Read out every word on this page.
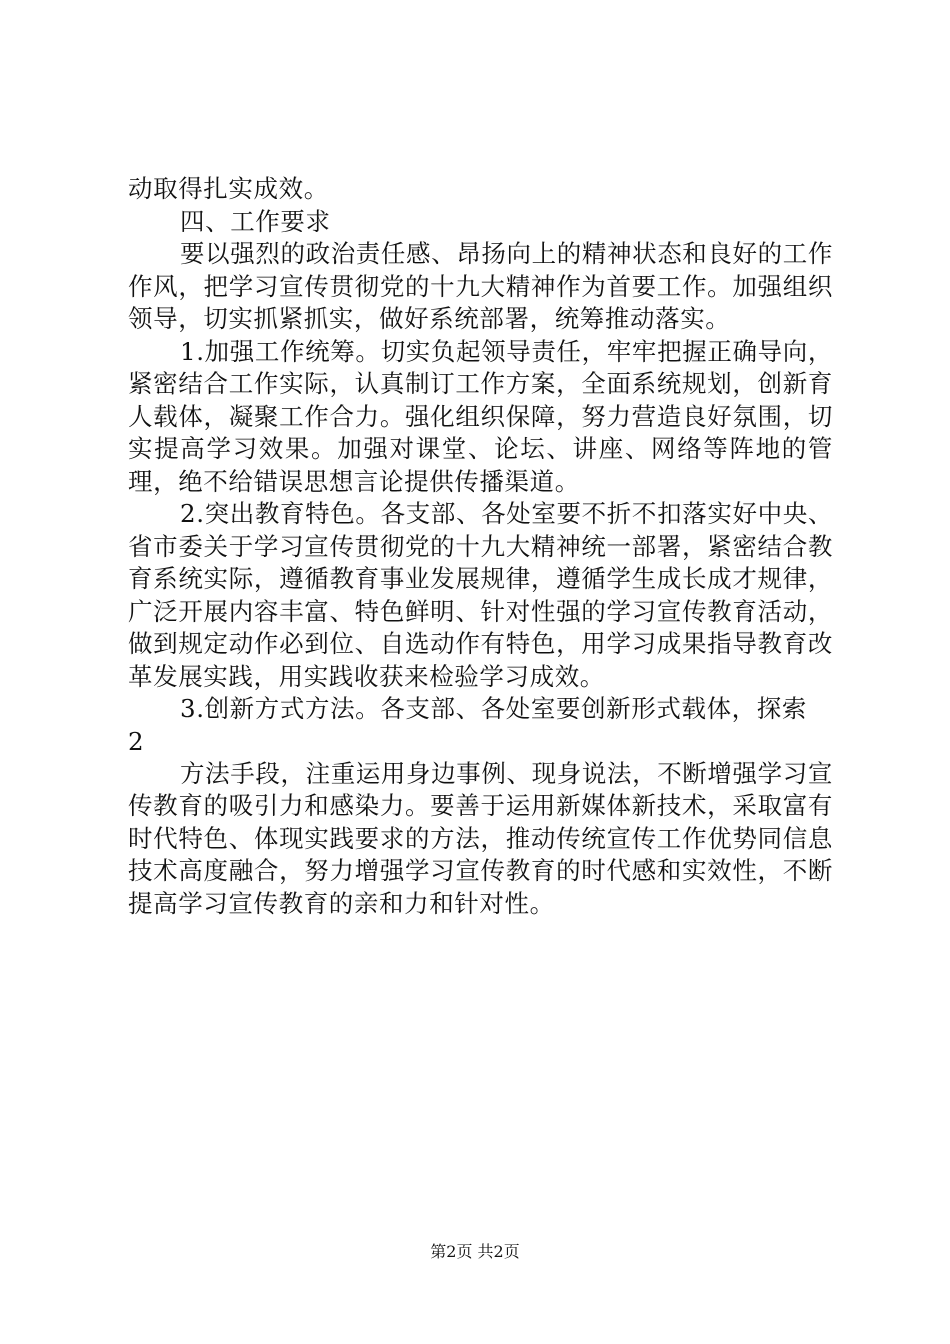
动取得扎实成效。

四、工作要求

要以强烈的政治责任感、昂扬向上的精神状态和良好的工作作风，把学习宣传贯彻党的十九大精神作为首要工作。加强组织领导，切实抓紧抓实，做好系统部署，统筹推动落实。

1.加强工作统筹。切实负起领导责任，牢牢把握正确导向，紧密结合工作实际，认真制订工作方案，全面系统规划，创新育人载体，凝聚工作合力。强化组织保障，努力营造良好氛围，切实提高学习效果。加强对课堂、论坛、讲座、网络等阵地的管理，绝不给错误思想言论提供传播渠道。

2.突出教育特色。各支部、各处室要不折不扣落实好中央、省市委关于学习宣传贯彻党的十九大精神统一部署，紧密结合教育系统实际，遵循教育事业发展规律，遵循学生成长成才规律，广泛开展内容丰富、特色鲜明、针对性强的学习宣传教育活动，做到规定动作必到位、自选动作有特色，用学习成果指导教育改革发展实践，用实践收获来检验学习成效。

3.创新方式方法。各支部、各处室要创新形式载体，探索

2

方法手段，注重运用身边事例、现身说法，不断增强学习宣传教育的吸引力和感染力。要善于运用新媒体新技术，采取富有时代特色、体现实践要求的方法，推动传统宣传工作优势同信息技术高度融合，努力增强学习宣传教育的时代感和实效性，不断提高学习宣传教育的亲和力和针对性。

第2页 共2页
